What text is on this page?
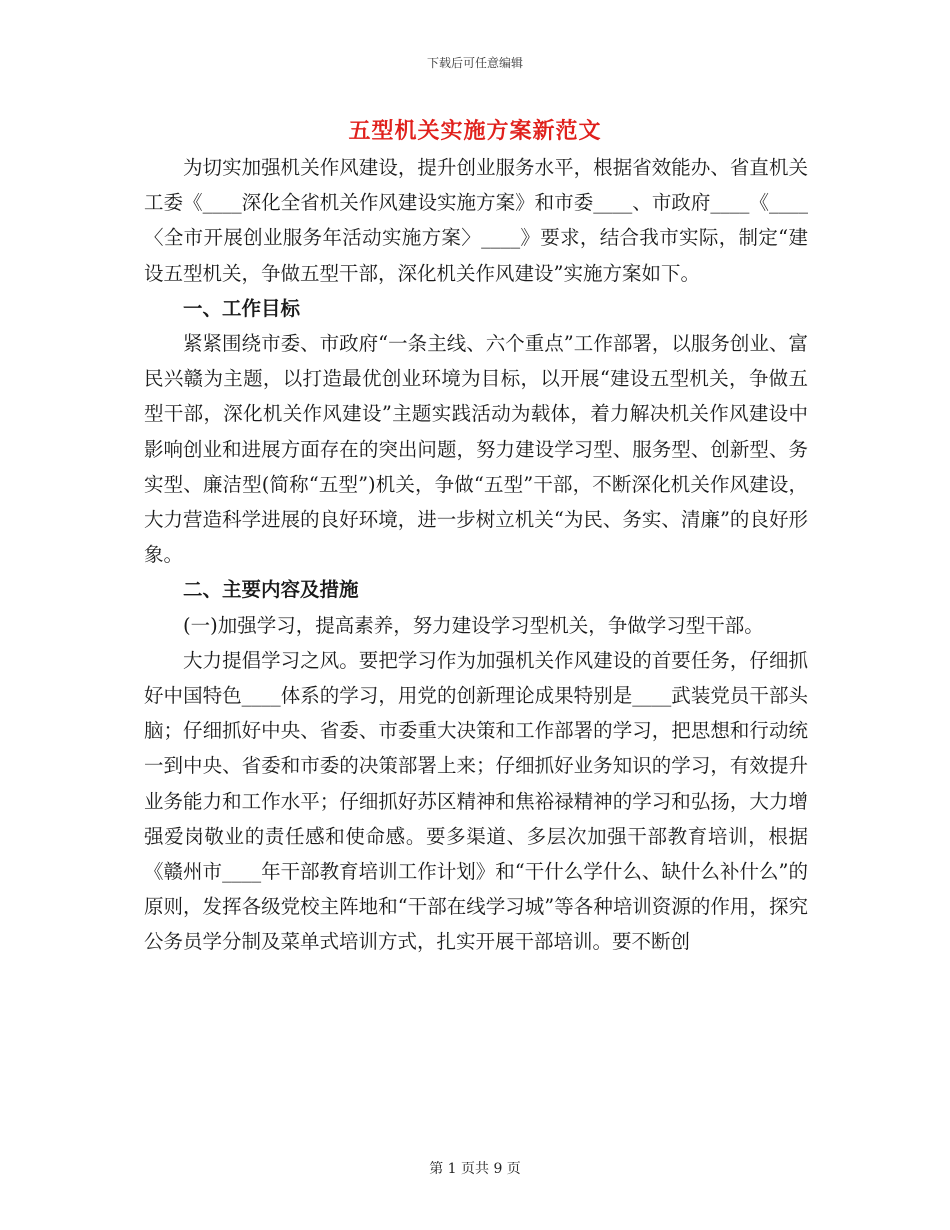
下载后可任意编辑
五型机关实施方案新范文

为切实加强机关作风建设，提升创业服务水平，根据省效能办、省直机关工委《____深化全省机关作风建设实施方案》和市委____、市政府____《____〈全市开展创业服务年活动实施方案〉____》要求，结合我市实际，制定“建设五型机关，争做五型干部，深化机关作风建设”实施方案如下。

一、工作目标

紧紧围绕市委、市政府“一条主线、六个重点”工作部署，以服务创业、富民兴赣为主题，以打造最优创业环境为目标，以开展“建设五型机关，争做五型干部，深化机关作风建设”主题实践活动为载体，着力解决机关作风建设中影响创业和进展方面存在的突出问题，努力建设学习型、服务型、创新型、务实型、廉洁型(简称“五型”)机关，争做“五型”干部，不断深化机关作风建设，大力营造科学进展的良好环境，进一步树立机关“为民、务实、清廉”的良好形象。

二、主要内容及措施

(一)加强学习，提高素养，努力建设学习型机关，争做学习型干部。

大力提倡学习之风。要把学习作为加强机关作风建设的首要任务，仔细抓好中国特色____体系的学习，用党的创新理论成果特别是____武装党员干部头脑；仔细抓好中央、省委、市委重大决策和工作部署的学习，把思想和行动统一到中央、省委和市委的决策部署上来；仔细抓好业务知识的学习，有效提升业务能力和工作水平；仔细抓好苏区精神和焦裕禄精神的学习和弘扬，大力增强爱岗敬业的责任感和使命感。要多渠道、多层次加强干部教育培训，根据《赣州市____年干部教育培训工作计划》和“干什么学什么、缺什么补什么”的原则，发挥各级党校主阵地和“干部在线学习城”等各种培训资源的作用，探究公务员学分制及菜单式培训方式，扎实开展干部培训。要不断创

第 1 页共 9 页
